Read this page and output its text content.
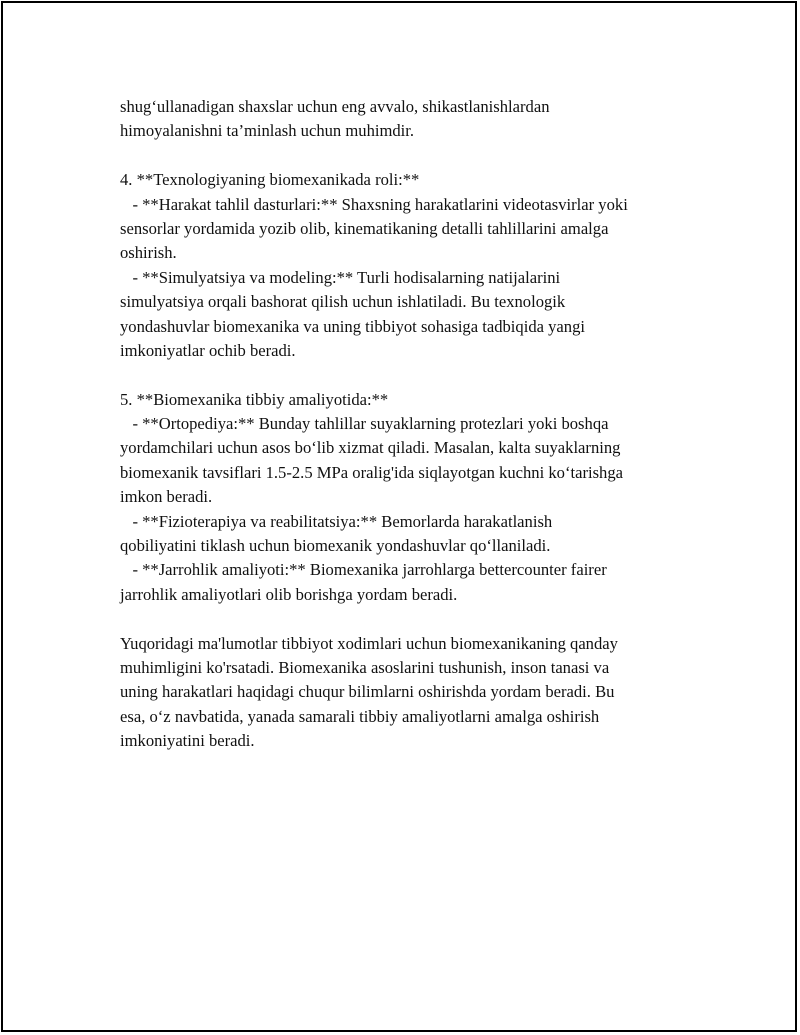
shug‘ullanadigan shaxslar uchun eng avvalo, shikastlanishlardan
himoyalanishni ta’minlash uchun muhimdir.
4. **Texnologiyaning biomexanikada roli:**
- **Harakat tahlil dasturlari:** Shaxsning harakatlarini videotasvirlar yoki
sensorlar yordamida yozib olib, kinematikaning detalli tahlillarini amalga
oshirish.
- **Simulyatsiya va modeling:** Turli hodisalarning natijalarini
simulyatsiya orqali bashorat qilish uchun ishlatiladi. Bu texnologik
yondashuvlar biomexanika va uning tibbiyot sohasiga tadbiqida yangi
imkoniyatlar ochib beradi.
5. **Biomexanika tibbiy amaliyotida:**
- **Ortopediya:** Bunday tahlillar suyaklarning protezlari yoki boshqa
yordamchilari uchun asos bo‘lib xizmat qiladi. Masalan, kalta suyaklarning
biomexanik tavsiflari 1.5-2.5 MPa oralig'ida siqlayotgan kuchni ko‘tarishga
imkon beradi.
- **Fizioterapiya va reabilitatsiya:** Bemorlarda harakatlanish
qobiliyatini tiklash uchun biomexanik yondashuvlar qo‘llaniladi.
- **Jarrohlik amaliyoti:** Biomexanika jarrohlarga bettercounter fairer
jarrohlik amaliyotlari olib borishga yordam beradi.
Yuqoridagi ma'lumotlar tibbiyot xodimlari uchun biomexanikaning qanday
muhimligini ko'rsatadi. Biomexanika asoslarini tushunish, inson tanasi va
uning harakatlari haqidagi chuqur bilimlarni oshirishda yordam beradi. Bu
esa, o‘z navbatida, yanada samarali tibbiy amaliyotlarni amalga oshirish
imkoniyatini beradi.
